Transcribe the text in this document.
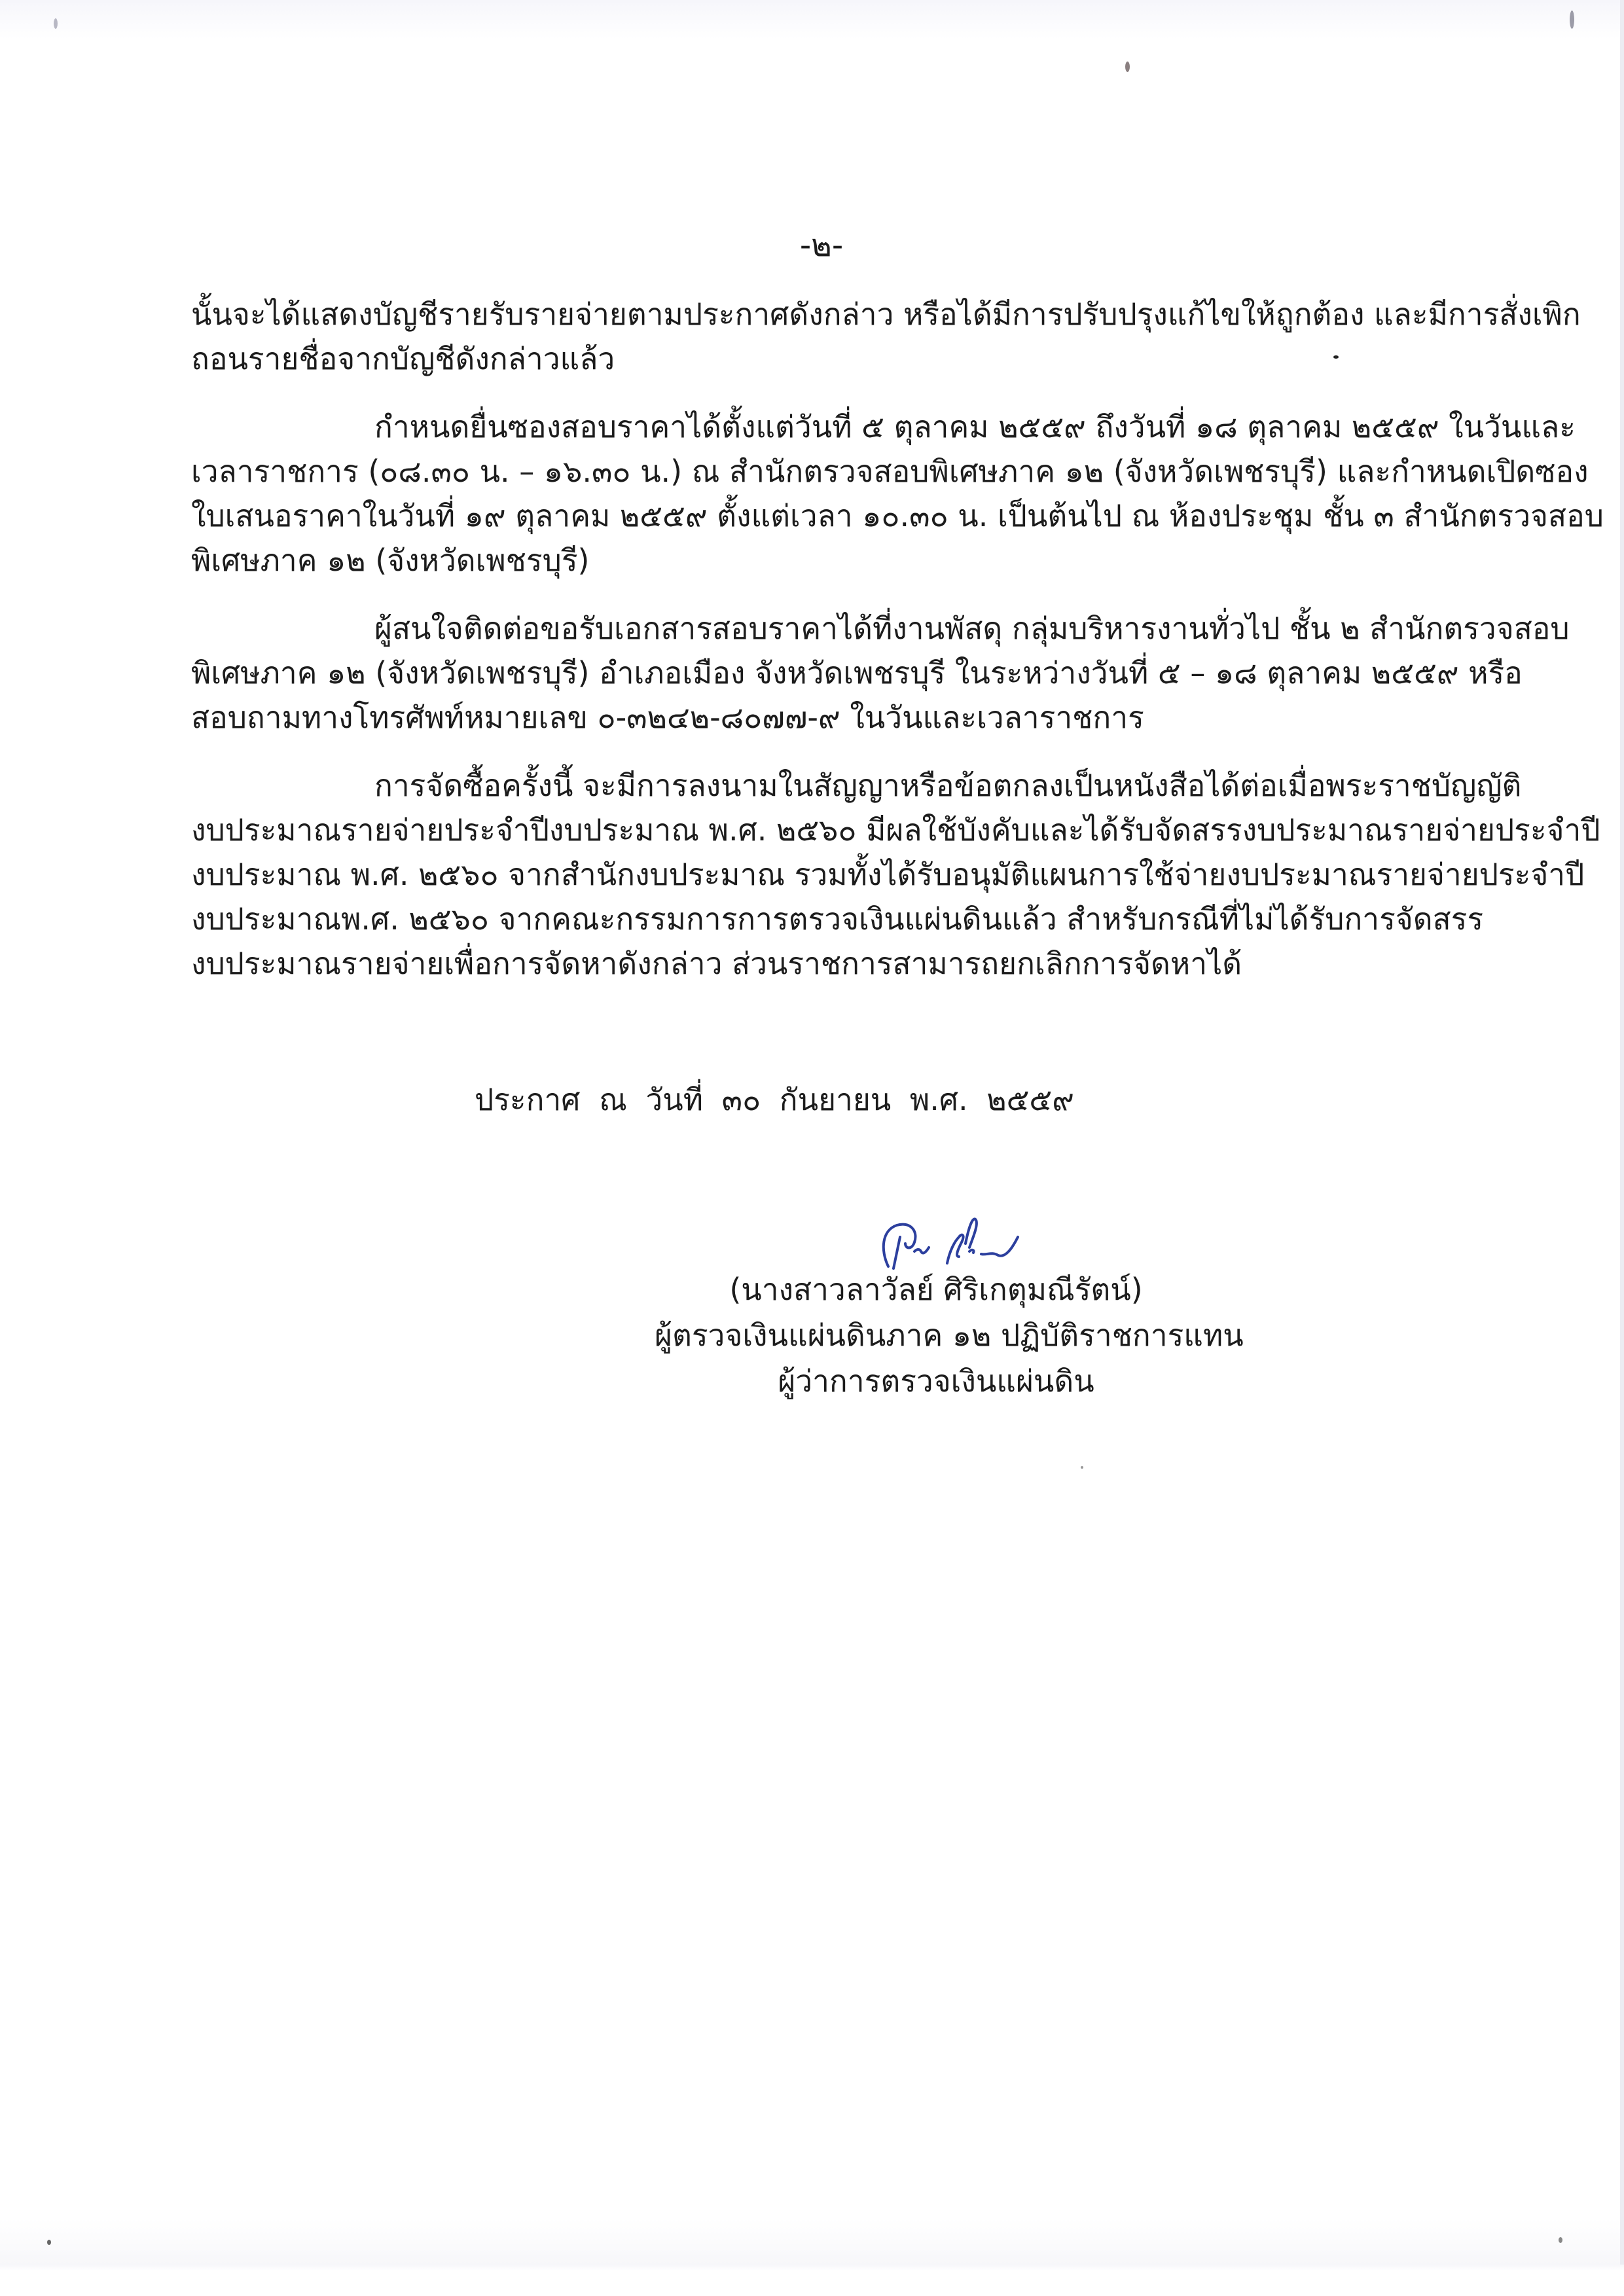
-๒-
นั้นจะได้แสดงบัญชีรายรับรายจ่ายตามประกาศดังกล่าว หรือได้มีการปรับปรุงแก้ไขให้ถูกต้อง และมีการสั่งเพิก
ถอนรายชื่อจากบัญชีดังกล่าวแล้ว
กำหนดยื่นซองสอบราคาได้ตั้งแต่วันที่ ๕ ตุลาคม ๒๕๕๙ ถึงวันที่ ๑๘ ตุลาคม ๒๕๕๙ ในวันและ
เวลาราชการ (๐๘.๓๐ น. – ๑๖.๓๐ น.) ณ สำนักตรวจสอบพิเศษภาค ๑๒ (จังหวัดเพชรบุรี) และกำหนดเปิดซอง
ใบเสนอราคาในวันที่ ๑๙ ตุลาคม ๒๕๕๙ ตั้งแต่เวลา ๑๐.๓๐ น. เป็นต้นไป ณ ห้องประชุม ชั้น ๓ สำนักตรวจสอบ
พิเศษภาค ๑๒ (จังหวัดเพชรบุรี)
ผู้สนใจติดต่อขอรับเอกสารสอบราคาได้ที่งานพัสดุ กลุ่มบริหารงานทั่วไป ชั้น ๒ สำนักตรวจสอบ
พิเศษภาค ๑๒ (จังหวัดเพชรบุรี) อำเภอเมือง จังหวัดเพชรบุรี ในระหว่างวันที่ ๕ – ๑๘ ตุลาคม ๒๕๕๙ หรือ
สอบถามทางโทรศัพท์หมายเลข ๐-๓๒๔๒-๘๐๗๗-๙ ในวันและเวลาราชการ
การจัดซื้อครั้งนี้ จะมีการลงนามในสัญญาหรือข้อตกลงเป็นหนังสือได้ต่อเมื่อพระราชบัญญัติ
งบประมาณรายจ่ายประจำปีงบประมาณ พ.ศ. ๒๕๖๐ มีผลใช้บังคับและได้รับจัดสรรงบประมาณรายจ่ายประจำปี
งบประมาณ พ.ศ. ๒๕๖๐ จากสำนักงบประมาณ รวมทั้งได้รับอนุมัติแผนการใช้จ่ายงบประมาณรายจ่ายประจำปี
งบประมาณพ.ศ. ๒๕๖๐ จากคณะกรรมการการตรวจเงินแผ่นดินแล้ว สำหรับกรณีที่ไม่ได้รับการจัดสรร
งบประมาณรายจ่ายเพื่อการจัดหาดังกล่าว ส่วนราชการสามารถยกเลิกการจัดหาได้
ประกาศ ณ วันที่ ๓๐ กันยายน พ.ศ. ๒๕๕๙
(นางสาวลาวัลย์ ศิริเกตุมณีรัตน์)
ผู้ตรวจเงินแผ่นดินภาค ๑๒ ปฏิบัติราชการแทน
ผู้ว่าการตรวจเงินแผ่นดิน
